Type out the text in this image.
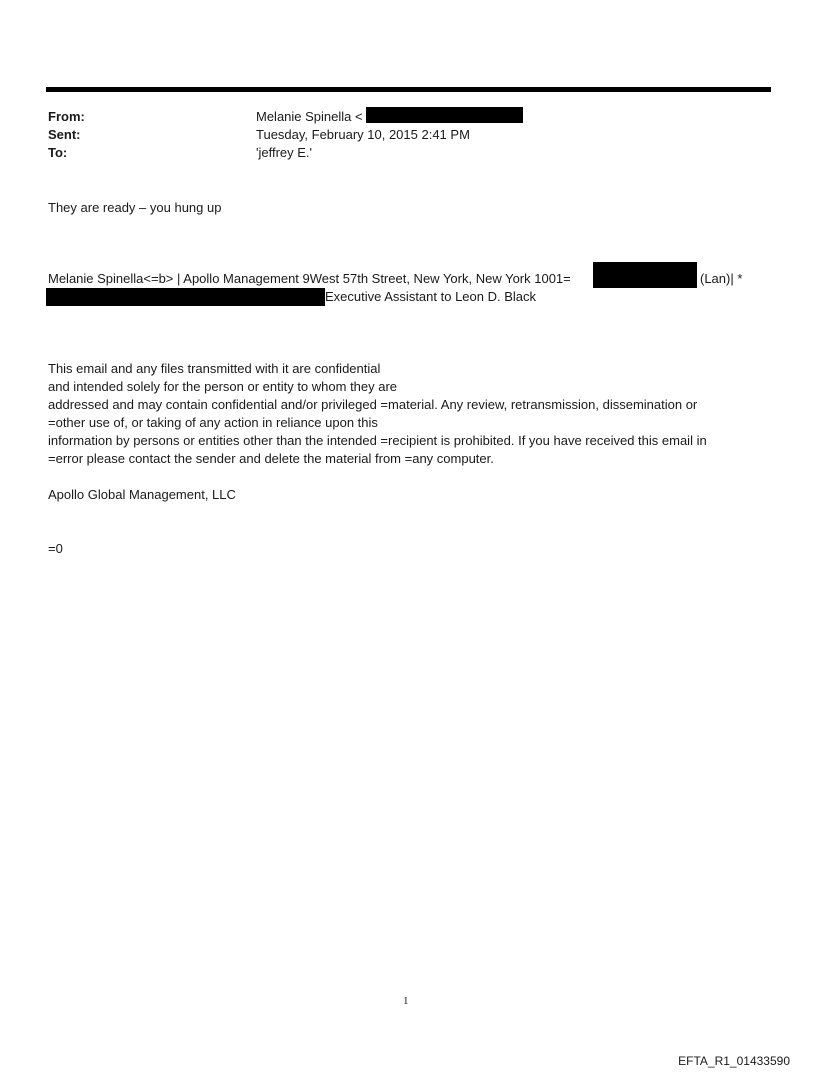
From:	Melanie Spinella <
Sent:	Tuesday, February 10, 2015 2:41 PM
To:	'jeffrey E.'
They are ready – you hung up
Melanie Spinella<=b> | Apollo Management 9West 57th Street, New York, New York 1001=	(Lan)| *
Executive Assistant to Leon D. Black
This email and any files transmitted with it are confidential
and intended solely for the person or entity to whom they are
addressed and may contain confidential and/or privileged =material. Any review, retransmission, dissemination or
=other use of, or taking of any action in reliance upon this
information by persons or entities other than the intended =recipient is prohibited. If you have received this email in
=error please contact the sender and delete the material from =any computer.
Apollo Global Management, LLC
=0
1
EFTA_R1_01433590
